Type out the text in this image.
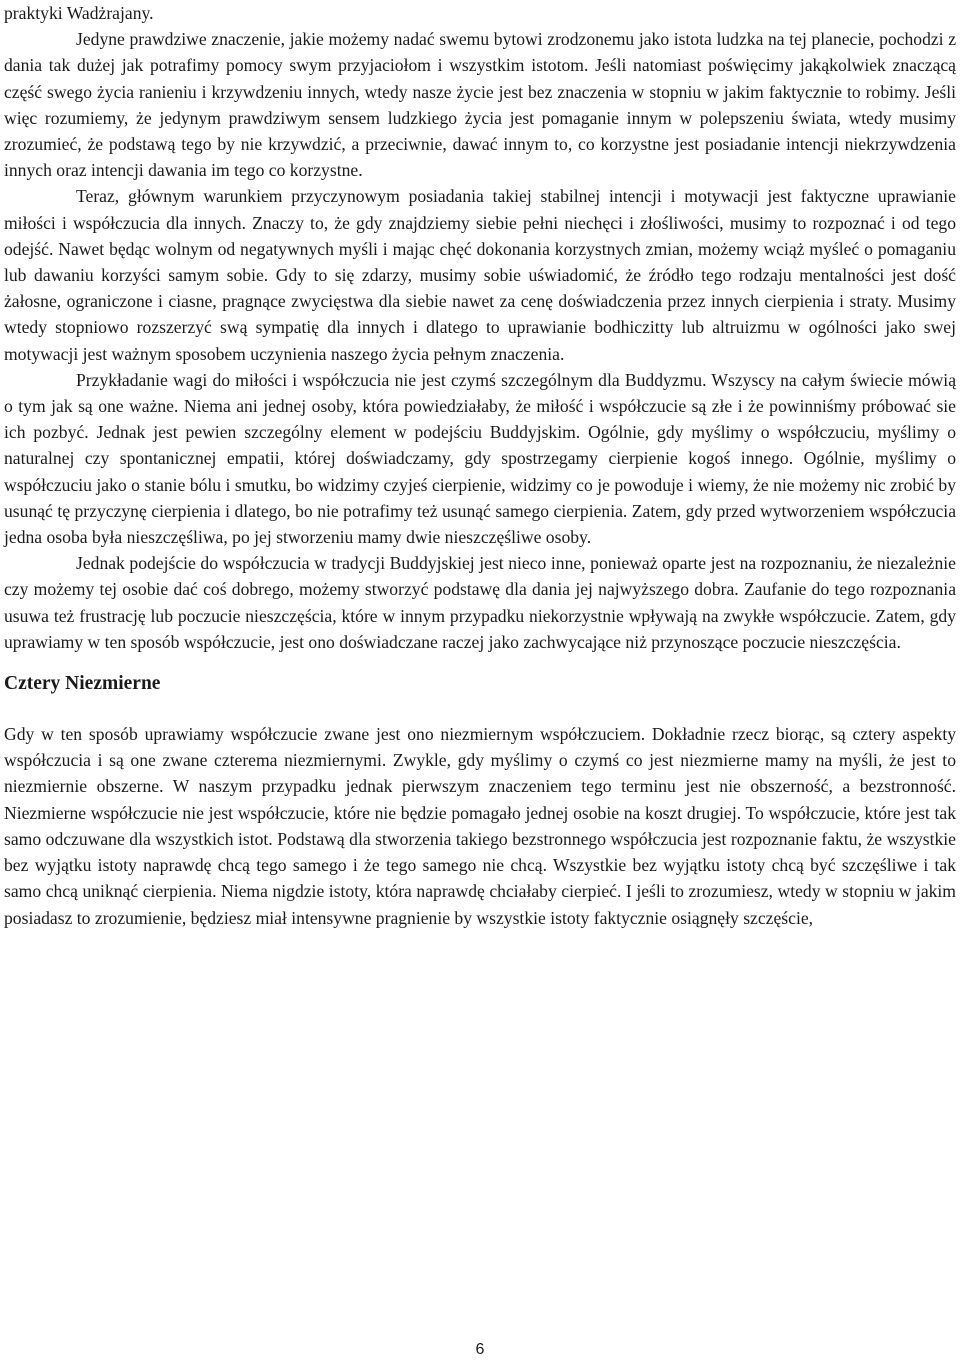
praktyki Wadżrajany.

Jedyne prawdziwe znaczenie, jakie możemy nadać swemu bytowi zrodzonemu jako istota ludzka na tej planecie, pochodzi z dania tak dużej jak potrafimy pomocy swym przyjaciołom i wszystkim istotom. Jeśli natomiast poświęcimy jakąkolwiek znaczącą część swego życia ranieniu i krzywdzeniu innych, wtedy nasze życie jest bez znaczenia w stopniu w jakim faktycznie to robimy. Jeśli więc rozumiemy, że jedynym prawdziwym sensem ludzkiego życia jest pomaganie innym w polepszeniu świata, wtedy musimy zrozumieć, że podstawą tego by nie krzywdzić, a przeciwnie, dawać innym to, co korzystne jest posiadanie intencji niekrzywdzenia innych oraz intencji dawania im tego co korzystne.

Teraz, głównym warunkiem przyczynowym posiadania takiej stabilnej intencji i motywacji jest faktyczne uprawianie miłości i współczucia dla innych. Znaczy to, że gdy znajdziemy siebie pełni niechęci i złośliwości, musimy to rozpoznać i od tego odejść. Nawet będąc wolnym od negatywnych myśli i mając chęć dokonania korzystnych zmian, możemy wciąż myśleć o pomaganiu lub dawaniu korzyści samym sobie. Gdy to się zdarzy, musimy sobie uświadomić, że źródło tego rodzaju mentalności jest dość żałosne, ograniczone i ciasne, pragnące zwycięstwa dla siebie nawet za cenę doświadczenia przez innych cierpienia i straty. Musimy wtedy stopniowo rozszerzyć swą sympatię dla innych i dlatego to uprawianie bodhiczitty lub altruizmu w ogólności jako swej motywacji jest ważnym sposobem uczynienia naszego życia pełnym znaczenia.

Przykładanie wagi do miłości i współczucia nie jest czymś szczególnym dla Buddyzmu. Wszyscy na całym świecie mówią o tym jak są one ważne. Niema ani jednej osoby, która powiedziałaby, że miłość i współczucie są złe i że powinniśmy próbować sie ich pozbyć. Jednak jest pewien szczególny element w podejściu Buddyjskim. Ogólnie, gdy myślimy o współczuciu, myślimy o naturalnej czy spontanicznej empatii, której doświadczamy, gdy spostrzegamy cierpienie kogoś innego. Ogólnie, myślimy o współczuciu jako o stanie bólu i smutku, bo widzimy czyjeś cierpienie, widzimy co je powoduje i wiemy, że nie możemy nic zrobić by usunąć tę przyczynę cierpienia i dlatego, bo nie potrafimy też usunąć samego cierpienia. Zatem, gdy przed wytworzeniem współczucia jedna osoba była nieszczęśliwa, po jej stworzeniu mamy dwie nieszczęśliwe osoby.

Jednak podejście do współczucia w tradycji Buddyjskiej jest nieco inne, ponieważ oparte jest na rozpoznaniu, że niezależnie czy możemy tej osobie dać coś dobrego, możemy stworzyć podstawę dla dania jej najwyższego dobra. Zaufanie do tego rozpoznania usuwa też frustrację lub poczucie nieszczęścia, które w innym przypadku niekorzystnie wpływają na zwykłe współczucie. Zatem, gdy uprawiamy w ten sposób współczucie, jest ono doświadczane raczej jako zachwycające niż przynoszące poczucie nieszczęścia.

Cztery Niezmierne

Gdy w ten sposób uprawiamy współczucie zwane jest ono niezmiernym współczuciem. Dokładnie rzecz biorąc, są cztery aspekty współczucia i są one zwane czterema niezmiernymi. Zwykle, gdy myślimy o czymś co jest niezmierne mamy na myśli, że jest to niezmiernie obszerne. W naszym przypadku jednak pierwszym znaczeniem tego terminu jest nie obszerność, a bezstronność. Niezmierne współczucie nie jest współczucie, które nie będzie pomagało jednej osobie na koszt drugiej. To współczucie, które jest tak samo odczuwane dla wszystkich istot. Podstawą dla stworzenia takiego bezstronnego współczucia jest rozpoznanie faktu, że wszystkie bez wyjątku istoty naprawdę chcą tego samego i że tego samego nie chcą. Wszystkie bez wyjątku istoty chcą być szczęśliwe i tak samo chcą uniknąć cierpienia. Niema nigdzie istoty, która naprawdę chciałaby cierpieć. I jeśli to zrozumiesz, wtedy w stopniu w jakim posiadasz to zrozumienie, będziesz miał intensywne pragnienie by wszystkie istoty faktycznie osiągnęły szczęście,

6
